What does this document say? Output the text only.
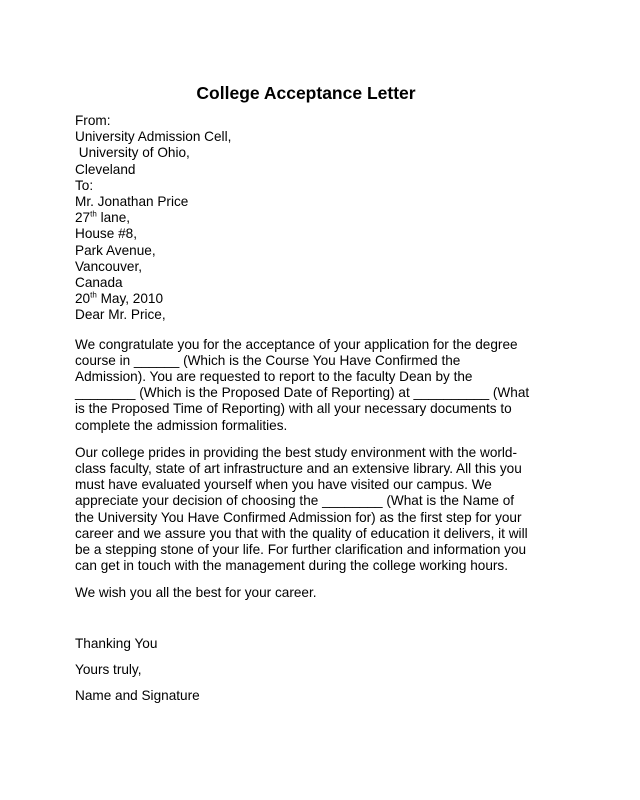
College Acceptance Letter
From:
University Admission Cell,
University of Ohio,
Cleveland
To:
Mr. Jonathan Price
27th lane,
House #8,
Park Avenue,
Vancouver,
Canada
20th May, 2010
Dear Mr. Price,
We congratulate you for the acceptance of your application for the degree
course in ______ (Which is the Course You Have Confirmed the
Admission). You are requested to report to the faculty Dean by the
________ (Which is the Proposed Date of Reporting) at __________ (What
is the Proposed Time of Reporting) with all your necessary documents to
complete the admission formalities.
Our college prides in providing the best study environment with the world-
class faculty, state of art infrastructure and an extensive library. All this you
must have evaluated yourself when you have visited our campus. We
appreciate your decision of choosing the ________ (What is the Name of
the University You Have Confirmed Admission for) as the first step for your
career and we assure you that with the quality of education it delivers, it will
be a stepping stone of your life. For further clarification and information you
can get in touch with the management during the college working hours.

We wish you all the best for your career.

Thanking You

Yours truly,

Name and Signature
